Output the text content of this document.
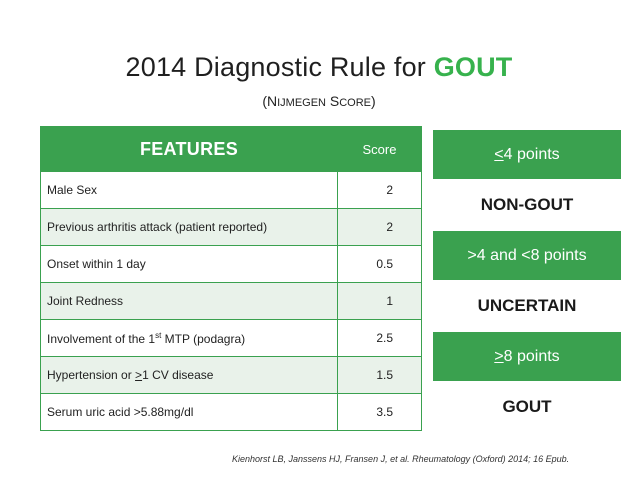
2014 Diagnostic Rule for GOUT
(NIJMEGEN SCORE)
FEATURES	Score
Male Sex	2
Previous arthritis attack (patient reported)	2
Onset within 1 day	0.5
Joint Redness	1
Involvement of the 1st MTP (podagra)	2.5
Hypertension or >1 CV disease	1.5
Serum uric acid >5.88mg/dl	3.5
< 4 points
NON-GOUT
>4 and <8 points
UNCERTAIN
> 8 points
GOUT
Kienhorst LB, Janssens HJ, Fransen J, et al. Rheumatology (Oxford) 2014; 16 Epub.
